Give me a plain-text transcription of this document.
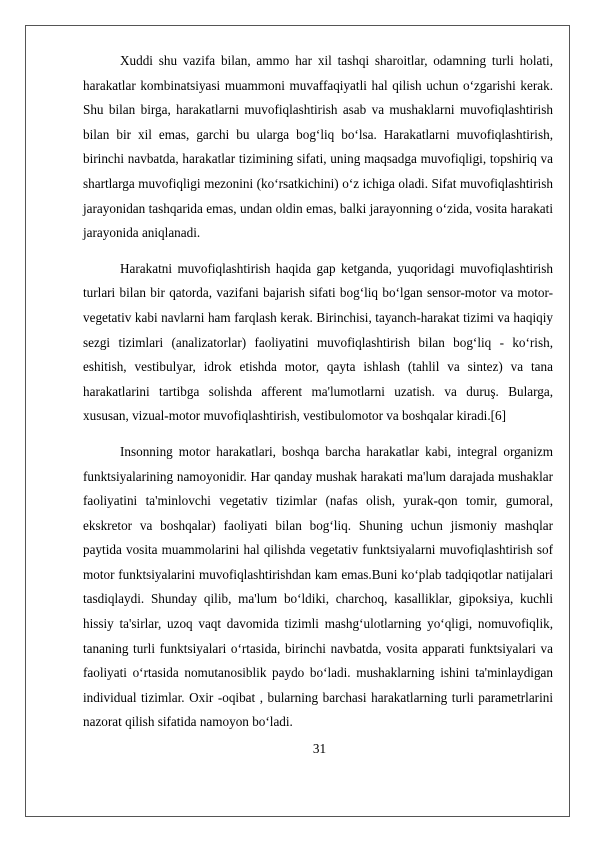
Xuddi shu vazifa bilan, ammo har xil tashqi sharoitlar, odamning turli holati, harakatlar kombinatsiyasi muammoni muvaffaqiyatli hal qilish uchun o‘zgarishi kerak. Shu bilan birga, harakatlarni muvofiqlashtirish asab va mushaklarni muvofiqlashtirish bilan bir xil emas, garchi bu ularga bog‘liq bo‘lsa. Harakatlarni muvofiqlashtirish, birinchi navbatda, harakatlar tizimining sifati, uning maqsadga muvofiqligi, topshiriq va shartlarga muvofiqligi mezonini (ko‘rsatkichini) o‘z ichiga oladi. Sifat muvofiqlashtirish jarayonidan tashqarida emas, undan oldin emas, balki jarayonning o‘zida, vosita harakati jarayonida aniqlanadi.

Harakatni muvofiqlashtirish haqida gap ketganda, yuqoridagi muvofiqlashtirish turlari bilan bir qatorda, vazifani bajarish sifati bog‘liq bo‘lgan sensor-motor va motor-vegetativ kabi navlarni ham farqlash kerak. Birinchisi, tayanch-harakat tizimi va haqiqiy sezgi tizimlari (analizatorlar) faoliyatini muvofiqlashtirish bilan bog‘liq - ko‘rish, eshitish, vestibulyar, idrok etishda motor, qayta ishlash (tahlil va sintez) va tana harakatlarini tartibga solishda afferent ma'lumotlarni uzatish. va duruş. Bularga, xususan, vizual-motor muvofiqlashtirish, vestibulomotor va boshqalar kiradi.[6]

Insonning motor harakatlari, boshqa barcha harakatlar kabi, integral organizm funktsiyalarining namoyonidir. Har qanday mushak harakati ma'lum darajada mushaklar faoliyatini ta'minlovchi vegetativ tizimlar (nafas olish, yurak-qon tomir, gumoral, ekskretor va boshqalar) faoliyati bilan bog‘liq. Shuning uchun jismoniy mashqlar paytida vosita muammolarini hal qilishda vegetativ funktsiyalarni muvofiqlashtirish sof motor funktsiyalarini muvofiqlashtirishdan kam emas.Buni ko‘plab tadqiqotlar natijalari tasdiqlaydi. Shunday qilib, ma'lum bo‘ldiki, charchoq, kasalliklar, gipoksiya, kuchli hissiy ta'sirlar, uzoq vaqt davomida tizimli mashg‘ulotlarning yo‘qligi, nomuvofiqlik, tananing turli funktsiyalari o‘rtasida, birinchi navbatda, vosita apparati funktsiyalari va faoliyati o‘rtasida nomutanosiblik paydo bo‘ladi. mushaklarning ishini ta'minlaydigan individual tizimlar. Oxir -oqibat , bularning barchasi harakatlarning turli parametrlarini nazorat qilish sifatida namoyon bo‘ladi.

31
